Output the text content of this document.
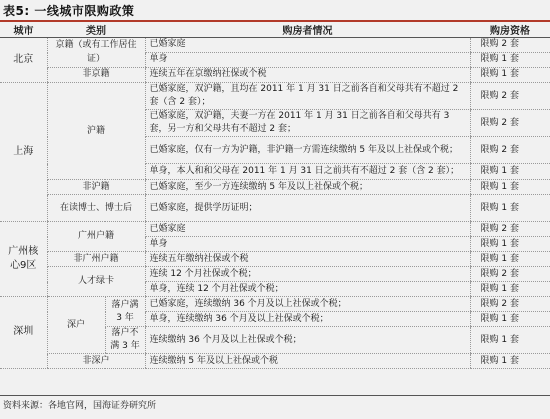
表5: 一线城市限购政策
城市	类别		购房者情况	购房资格
北京	京籍（或有工作居住证）		已婚家庭	限购 2 套
			单身	限购 1 套
	非京籍		连续五年在京缴纳社保或个税	限购 1 套
上海	沪籍		已婚家庭，双沪籍，且均在 2011 年 1 月 31 日之前各自和父母共有不超过 2 套（含 2 套）；	限购 2 套
			已婚家庭，双沪籍，夫妻一方在 2011 年 1 月 31 日之前各自和父母共有 3 套，另一方和父母共有不超过 2 套；	限购 2 套
			已婚家庭，仅有一方为沪籍，非沪籍一方需连续缴纳 5 年及以上社保或个税；	限购 2 套
			单身，本人和和父母在 2011 年 1 月 31 日之前共有不超过 2 套（含 2 套）；	限购 1 套
	非沪籍		已婚家庭，至少一方连续缴纳 5 年及以上社保或个税；	限购 1 套
	在读博士、博士后		已婚家庭，提供学历证明；	限购 1 套
广州核心9区	广州户籍		已婚家庭	限购 2 套
			单身	限购 1 套
	非广州户籍		连续五年缴纳社保或个税	限购 1 套
	人才绿卡		连续 12 个月社保或个税；	限购 2 套
			单身，连续 12 个月社保或个税；	限购 1 套
深圳	深户	落户满 3 年	已婚家庭，连续缴纳 36 个月及以上社保或个税；	限购 2 套
			单身，连续缴纳 36 个月及以上社保或个税；	限购 1 套
		落户不满 3 年	连续缴纳 36 个月及以上社保或个税；	限购 1 套
	非深户		连续缴纳 5 年及以上社保或个税	限购 1 套
资料来源：各地官网，国海证券研究所
